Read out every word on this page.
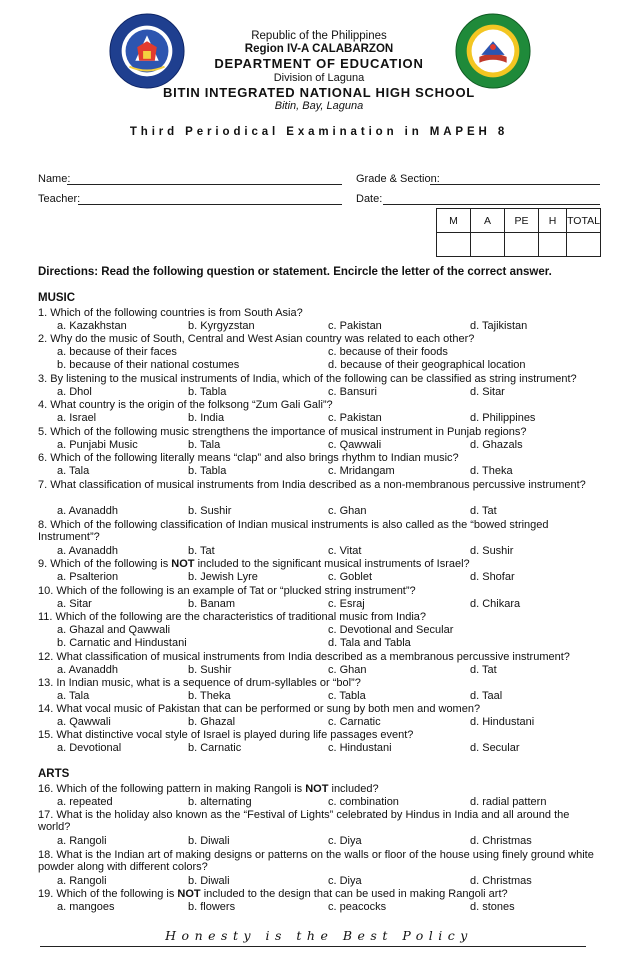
Republic of the Philippines
Region IV-A CALABARZON
DEPARTMENT OF EDUCATION
Division of Laguna
BITIN INTEGRATED NATIONAL HIGH SCHOOL
Bitin, Bay, Laguna
Third Periodical Examination in MAPEH 8
Name:	Grade & Section:
Teacher:	Date:
M	A	PE	H	TOTAL

Directions: Read the following question or statement. Encircle the letter of the correct answer.
MUSIC
1. Which of the following countries is from South Asia?
a. Kazakhstan	b. Kyrgyzstan	c. Pakistan	d. Tajikistan
2. Why do the music of South, Central and West Asian country was related to each other?
a. because of their faces	c. because of their foods
b. because of their national costumes	d. because of their geographical location
3. By listening to the musical instruments of India, which of the following can be classified as string instrument?
a. Dhol	b. Tabla	c. Bansuri	d. Sitar
4. What country is the origin of the folksong “Zum Gali Gali”?
a. Israel	b. India	c. Pakistan	d. Philippines
5. Which of the following music strengthens the importance of musical instrument in Punjab regions?
a. Punjabi Music	b. Tala	c. Qawwali	d. Ghazals
6. Which of the following literally means “clap” and also brings rhythm to Indian music?
a. Tala	b. Tabla	c. Mridangam	d. Theka
7. What classification of musical instruments from India described as a non-membranous percussive instrument?
a. Avanaddh	b. Sushir	c. Ghan	d. Tat
8. Which of the following classification of Indian musical instruments is also called as the “bowed stringed Instrument”?
a. Avanaddh	b. Tat	c. Vitat	d. Sushir
9. Which of the following is NOT included to the significant musical instruments of Israel?
a. Psalterion	b. Jewish Lyre	c. Goblet	d. Shofar
10. Which of the following is an example of Tat or “plucked string instrument”?
a. Sitar	b. Banam	c. Esraj	d. Chikara
11. Which of the following are the characteristics of traditional music from India?
a. Ghazal and Qawwali	c. Devotional and Secular
b. Carnatic and Hindustani	d. Tala and Tabla
12. What classification of musical instruments from India described as a membranous percussive instrument?
a. Avanaddh	b. Sushir	c. Ghan	d. Tat
13. In Indian music, what is a sequence of drum-syllables or “bol”?
a. Tala	b. Theka	c. Tabla	d. Taal
14. What vocal music of Pakistan that can be performed or sung by both men and women?
a. Qawwali	b. Ghazal	c. Carnatic	d. Hindustani
15. What distinctive vocal style of Israel is played during life passages event?
a. Devotional	b. Carnatic	c. Hindustani	d. Secular
ARTS
16. Which of the following pattern in making Rangoli is NOT included?
a. repeated	b. alternating	c. combination	d. radial pattern
17. What is the holiday also known as the “Festival of Lights” celebrated by Hindus in India and all around the world?
a. Rangoli	b. Diwali	c. Diya	d. Christmas
18. What is the Indian art of making designs or patterns on the walls or floor of the house using finely ground white powder along with different colors?
a. Rangoli	b. Diwali	c. Diya	d. Christmas
19. Which of the following is NOT included to the design that can be used in making Rangoli art?
a. mangoes	b. flowers	c. peacocks	d. stones
Honesty is the Best Policy
